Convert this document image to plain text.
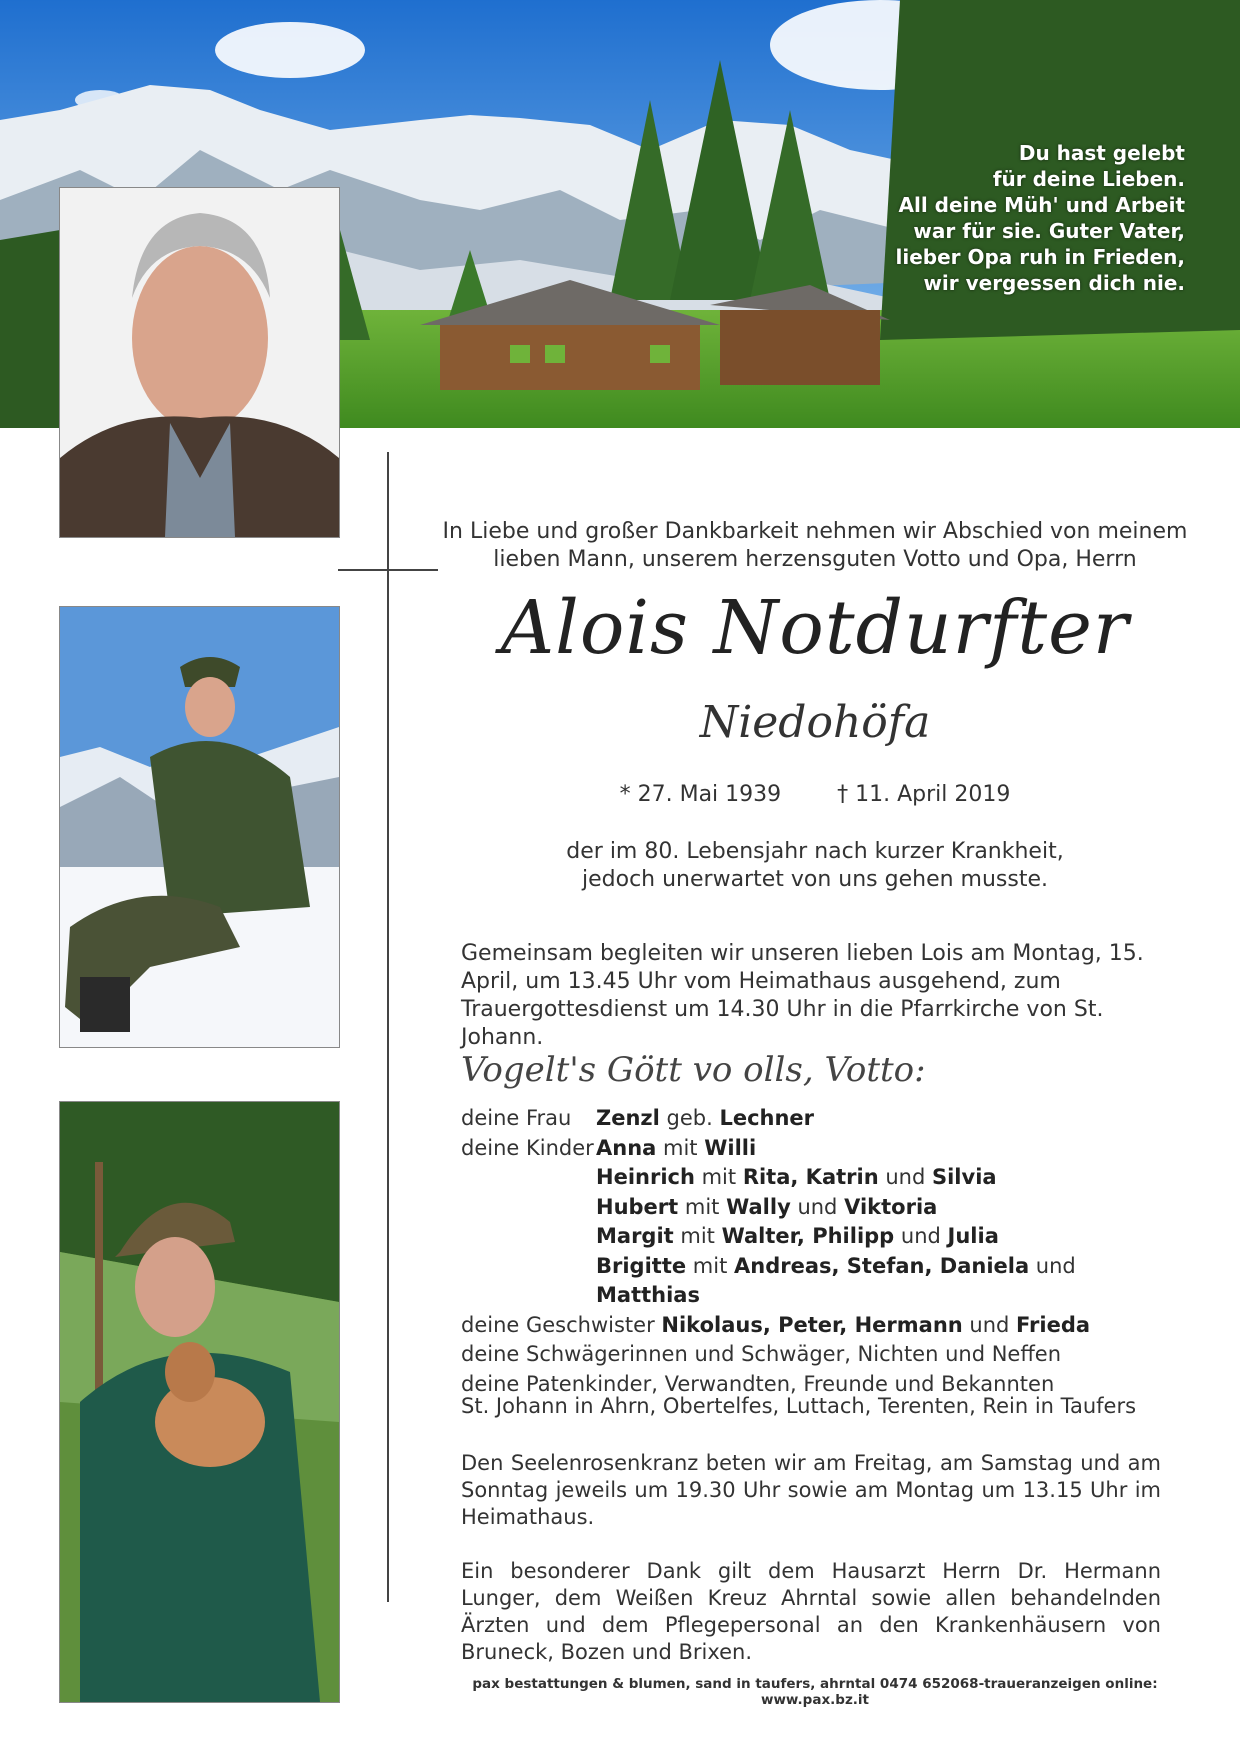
Du hast gelebt
für deine Lieben.
All deine Müh' und Arbeit
war für sie. Guter Vater,
lieber Opa ruh in Frieden,
wir vergessen dich nie.
In Liebe und großer Dankbarkeit nehmen wir Abschied von meinem
lieben Mann, unserem herzensguten Votto und Opa, Herrn
Alois Notdurfter
Niedohöfa
* 27. Mai 1939	† 11. April 2019
der im 80. Lebensjahr nach kurzer Krankheit,
jedoch unerwartet von uns gehen musste.
Gemeinsam begleiten wir unseren lieben Lois am Montag, 15. April, um 13.45 Uhr vom Heimathaus ausgehend, zum Trauergottesdienst um 14.30 Uhr in die Pfarrkirche von St. Johann.
Vogelt's Gött vo olls, Votto:
deine Frau	Zenzl geb. Lechner
deine Kinder Anna mit Willi
Heinrich mit Rita, Katrin und Silvia
Hubert mit Wally und Viktoria
Margit mit Walter, Philipp und Julia
Brigitte mit Andreas, Stefan, Daniela und Matthias
deine Geschwister Nikolaus, Peter, Hermann und Frieda
deine Schwägerinnen und Schwäger, Nichten und Neffen
deine Patenkinder, Verwandten, Freunde und Bekannten
St. Johann in Ahrn, Obertelfes, Luttach, Terenten, Rein in Taufers
Den Seelenrosenkranz beten wir am Freitag, am Samstag und am Sonntag jeweils um 19.30 Uhr sowie am Montag um 13.15 Uhr im Heimathaus.
Ein besonderer Dank gilt dem Hausarzt Herrn Dr. Hermann Lunger, dem Weißen Kreuz Ahrntal sowie allen behandelnden Ärzten und dem Pflegepersonal an den Krankenhäusern von Bruneck, Bozen und Brixen.
pax bestattungen & blumen, sand in taufers, ahrntal 0474 652068-traueranzeigen online: www.pax.bz.it
